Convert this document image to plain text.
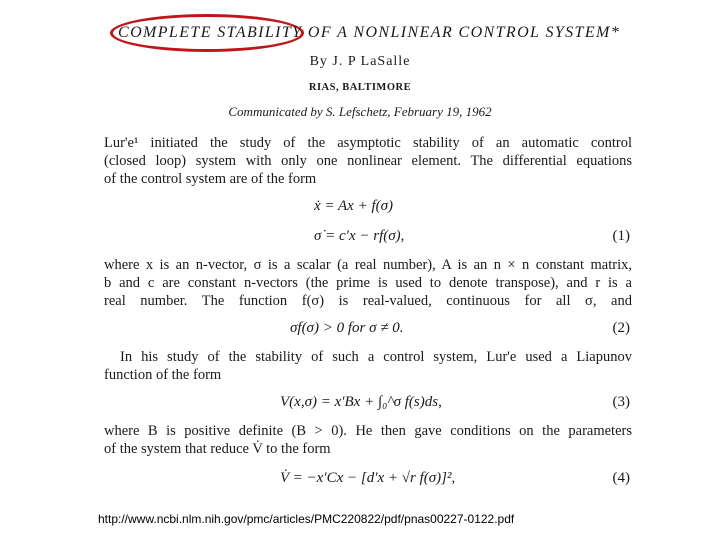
COMPLETE STABILITY OF A NONLINEAR CONTROL SYSTEM*
By J. P LaSalle
RIAS, BALTIMORE
Communicated by S. Lefschetz, February 19, 1962
Lur'e¹ initiated the study of the asymptotic stability of an automatic control
(closed loop) system with only one nonlinear element. The differential equations
of the control system are of the form
ẋ = Ax + f(σ)
σ̇ = c′x − rf(σ),	(1)
where x is an n-vector, σ is a scalar (a real number), A is an n × n constant matrix,
b and c are constant n-vectors (the prime is used to denote transpose), and r is a
real number. The function f(σ) is real-valued, continuous for all σ, and
σf(σ) > 0 for σ ≠ 0.	(2)
In his study of the stability of such a control system, Lur'e used a Liapunov
function of the form
V(x,σ) = x′Bx + ∫₀^σ f(s)ds,	(3)
where B is positive definite (B > 0). He then gave conditions on the parameters
of the system that reduce V̇ to the form
V̇ = −x′Cx − [d′x + √r f(σ)]²,	(4)
http://www.ncbi.nlm.nih.gov/pmc/articles/PMC220822/pdf/pnas00227-0122.pdf
